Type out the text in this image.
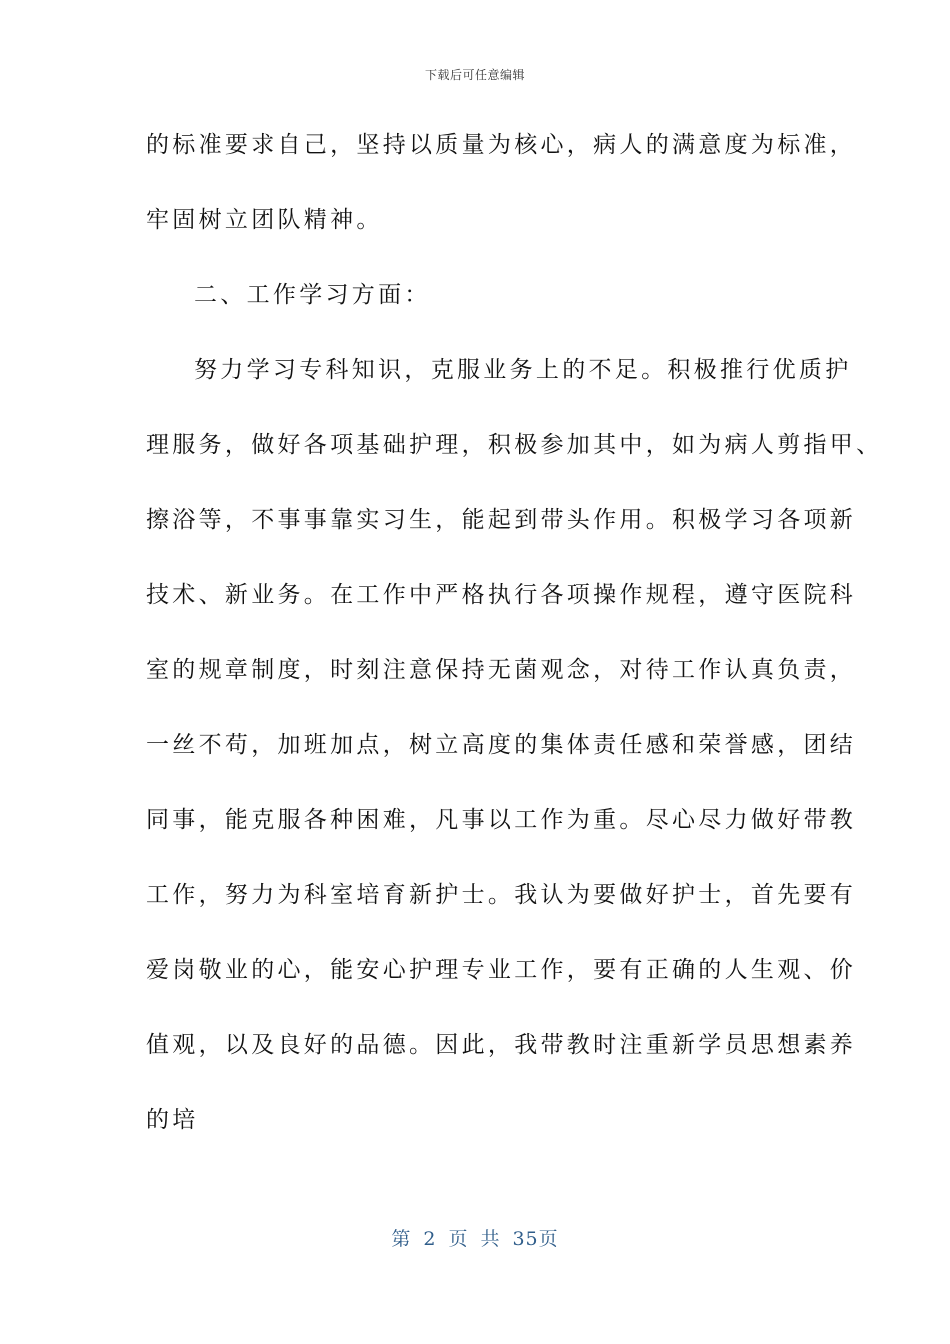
下载后可任意编辑
的标准要求自己，坚持以质量为核心，病人的满意度为标准，
牢固树立团队精神。
二、工作学习方面：
努力学习专科知识，克服业务上的不足。积极推行优质护
理服务，做好各项基础护理，积极参加其中，如为病人剪指甲、
擦浴等，不事事靠实习生，能起到带头作用。积极学习各项新
技术、新业务。在工作中严格执行各项操作规程，遵守医院科
室的规章制度，时刻注意保持无菌观念，对待工作认真负责，
一丝不苟，加班加点，树立高度的集体责任感和荣誉感，团结
同事，能克服各种困难，凡事以工作为重。尽心尽力做好带教
工作，努力为科室培育新护士。我认为要做好护士，首先要有
爱岗敬业的心，能安心护理专业工作，要有正确的人生观、价
值观，以及良好的品德。因此，我带教时注重新学员思想素养
的培
第 2 页 共 35页
